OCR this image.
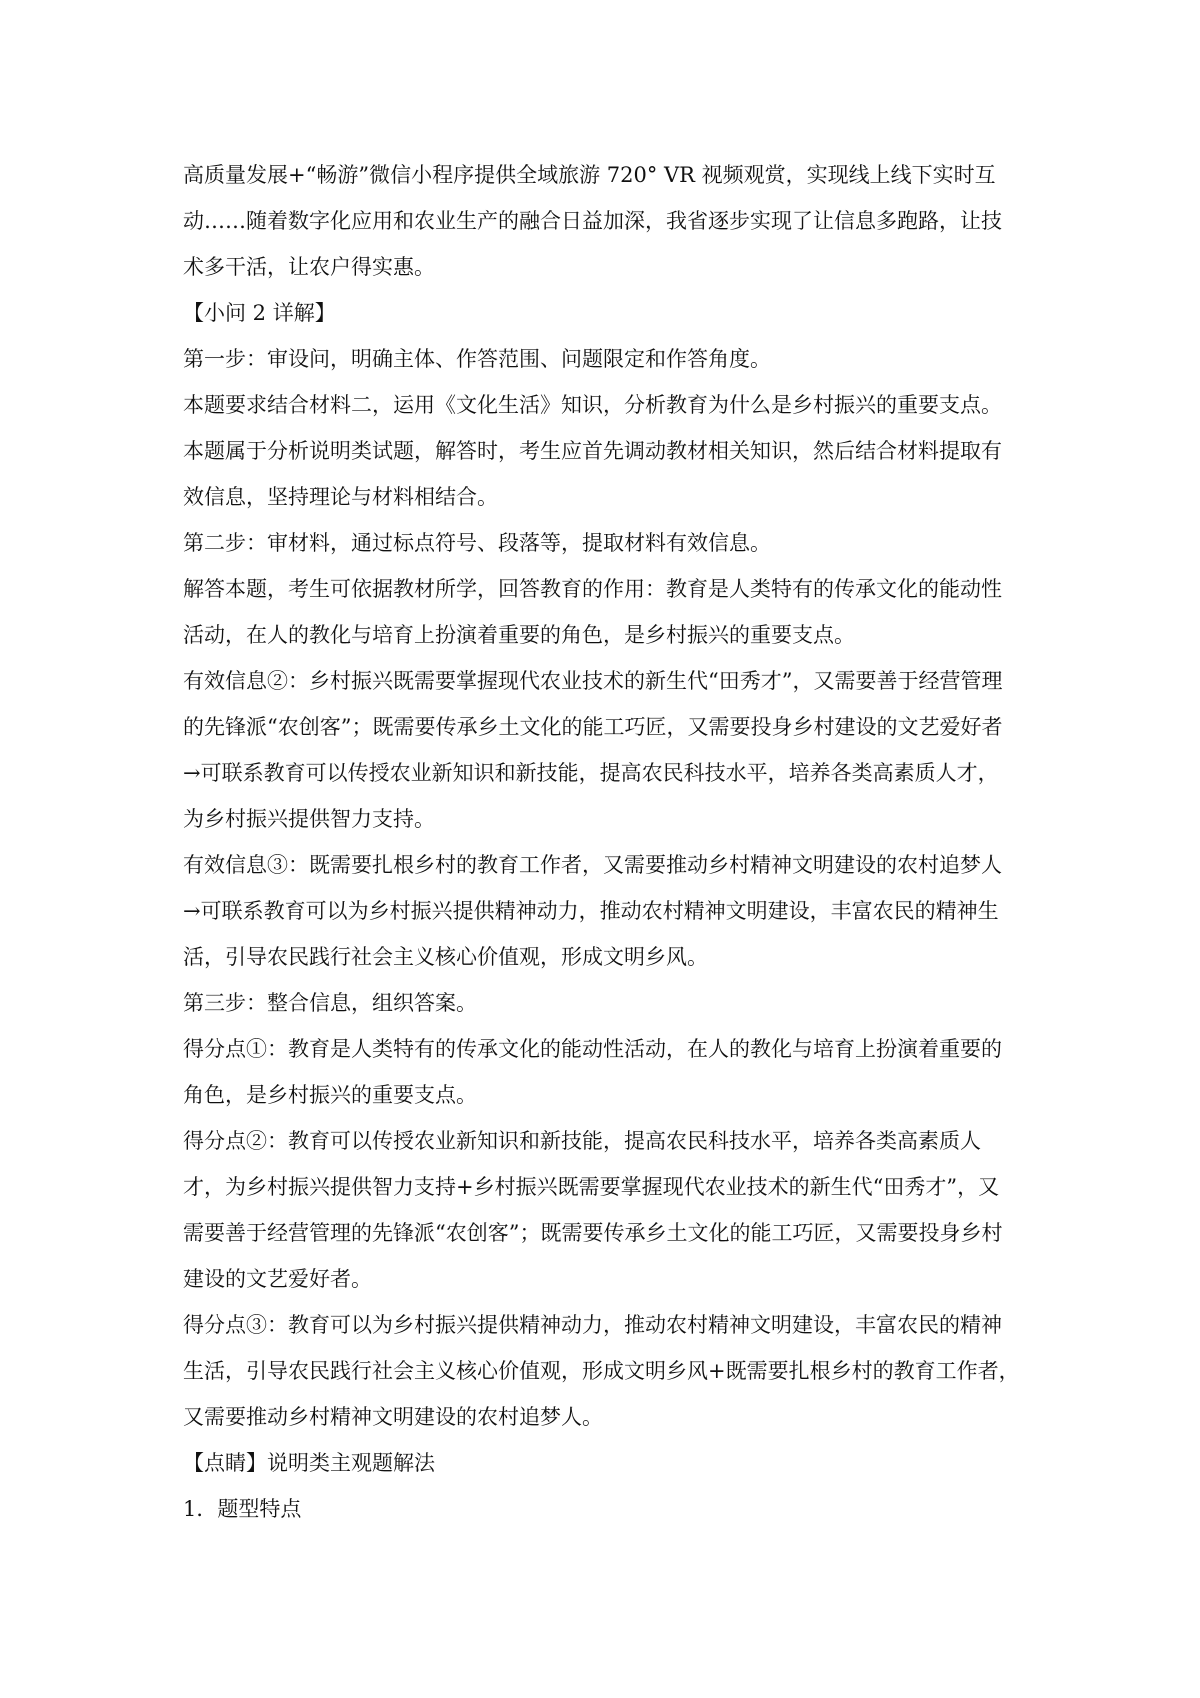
高质量发展+“畅游”微信小程序提供全域旅游 720° VR 视频观赏，实现线上线下实时互
动……随着数字化应用和农业生产的融合日益加深，我省逐步实现了让信息多跑路，让技
术多干活，让农户得实惠。

【小问 2 详解】

第一步：审设问，明确主体、作答范围、问题限定和作答角度。

本题要求结合材料二，运用《文化生活》知识，分析教育为什么是乡村振兴的重要支点。

本题属于分析说明类试题，解答时，考生应首先调动教材相关知识，然后结合材料提取有
效信息，坚持理论与材料相结合。

第二步：审材料，通过标点符号、段落等，提取材料有效信息。

解答本题，考生可依据教材所学，回答教育的作用：教育是人类特有的传承文化的能动性
活动，在人的教化与培育上扮演着重要的角色，是乡村振兴的重要支点。

有效信息②：乡村振兴既需要掌握现代农业技术的新生代“田秀才”，又需要善于经营管理
的先锋派“农创客”；既需要传承乡土文化的能工巧匠，又需要投身乡村建设的文艺爱好者
→可联系教育可以传授农业新知识和新技能，提高农民科技水平，培养各类高素质人才，
为乡村振兴提供智力支持。

有效信息③：既需要扎根乡村的教育工作者，又需要推动乡村精神文明建设的农村追梦人
→可联系教育可以为乡村振兴提供精神动力，推动农村精神文明建设，丰富农民的精神生
活，引导农民践行社会主义核心价值观，形成文明乡风。

第三步：整合信息，组织答案。

得分点①：教育是人类特有的传承文化的能动性活动，在人的教化与培育上扮演着重要的
角色，是乡村振兴的重要支点。

得分点②：教育可以传授农业新知识和新技能，提高农民科技水平，培养各类高素质人
才，为乡村振兴提供智力支持+乡村振兴既需要掌握现代农业技术的新生代“田秀才”，又
需要善于经营管理的先锋派“农创客”；既需要传承乡土文化的能工巧匠，又需要投身乡村
建设的文艺爱好者。

得分点③：教育可以为乡村振兴提供精神动力，推动农村精神文明建设，丰富农民的精神
生活，引导农民践行社会主义核心价值观，形成文明乡风+既需要扎根乡村的教育工作者，
又需要推动乡村精神文明建设的农村追梦人。

【点睛】说明类主观题解法

1．题型特点
